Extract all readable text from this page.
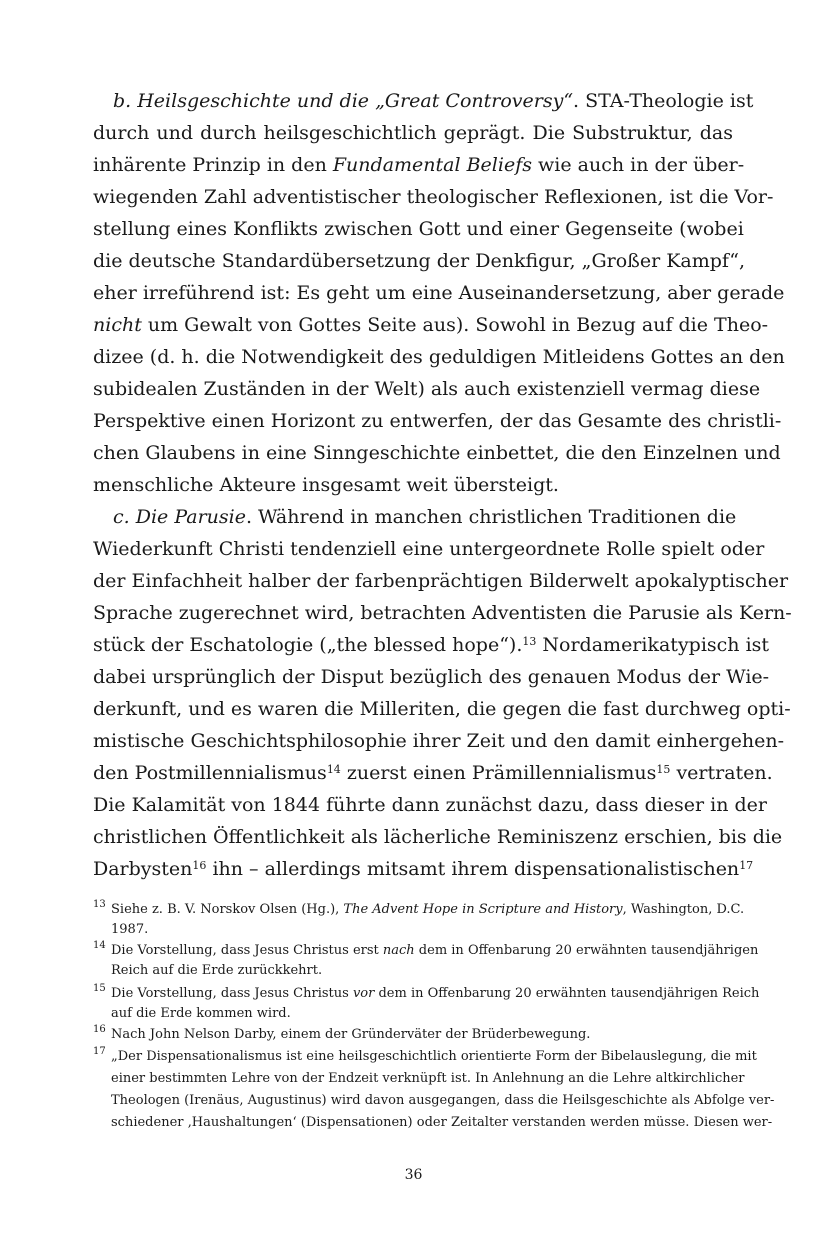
b. Heilsgeschichte und die „Great Controversy“. STA-Theologie ist
durch und durch heilsgeschichtlich geprägt. Die Substruktur, das
inhärente Prinzip in den Fundamental Beliefs wie auch in der über-
wiegenden Zahl adventistischer theologischer Reflexionen, ist die Vor-
stellung eines Konflikts zwischen Gott und einer Gegenseite (wobei
die deutsche Standardübersetzung der Denkfigur, „Großer Kampf“,
eher irreführend ist: Es geht um eine Auseinandersetzung, aber gerade
nicht um Gewalt von Gottes Seite aus). Sowohl in Bezug auf die Theo-
dizee (d. h. die Notwendigkeit des geduldigen Mitleidens Gottes an den
subidealen Zuständen in der Welt) als auch existenziell vermag diese
Perspektive einen Horizont zu entwerfen, der das Gesamte des christli-
chen Glaubens in eine Sinngeschichte einbettet, die den Einzelnen und
menschliche Akteure insgesamt weit übersteigt.
c. Die Parusie. Während in manchen christlichen Traditionen die
Wiederkunft Christi tendenziell eine untergeordnete Rolle spielt oder
der Einfachheit halber der farbenprächtigen Bilderwelt apokalyptischer
Sprache zugerechnet wird, betrachten Adventisten die Parusie als Kern-
stück der Eschatologie („the blessed hope“).$^{13}$ Nordamerikatypisch ist
dabei ursprünglich der Disput bezüglich des genauen Modus der Wie-
derkunft, und es waren die Milleriten, die gegen die fast durchweg opti-
mistische Geschichtsphilosophie ihrer Zeit und den damit einhergehen-
den Postmillennialismus$^{14}$ zuerst einen Prämillennialismus$^{15}$ vertraten.
Die Kalamität von 1844 führte dann zunächst dazu, dass dieser in der
christlichen Öffentlichkeit als lächerliche Reminiszenz erschien, bis die
Darbysten$^{16}$ ihn – allerdings mitsamt ihrem dispensationalistischen$^{17}$
13 Siehe z. B. V. Norskov Olsen (Hg.), The Advent Hope in Scripture and History, Washington, D.C.
1987.
14 Die Vorstellung, dass Jesus Christus erst nach dem in Offenbarung 20 erwähnten tausendjährigen
Reich auf die Erde zurückkehrt.
15 Die Vorstellung, dass Jesus Christus vor dem in Offenbarung 20 erwähnten tausendjährigen Reich
auf die Erde kommen wird.
16 Nach John Nelson Darby, einem der Gründerväter der Brüderbewegung.
17 „Der Dispensationalismus ist eine heilsgeschichtlich orientierte Form der Bibelauslegung, die mit
einer bestimmten Lehre von der Endzeit verknüpft ist. In Anlehnung an die Lehre altkirchlicher
Theologen (Irenäus, Augustinus) wird davon ausgegangen, dass die Heilsgeschichte als Abfolge ver-
schiedener ‚Haushaltungen‘ (Dispensationen) oder Zeitalter verstanden werden müsse. Diesen wer-
36
